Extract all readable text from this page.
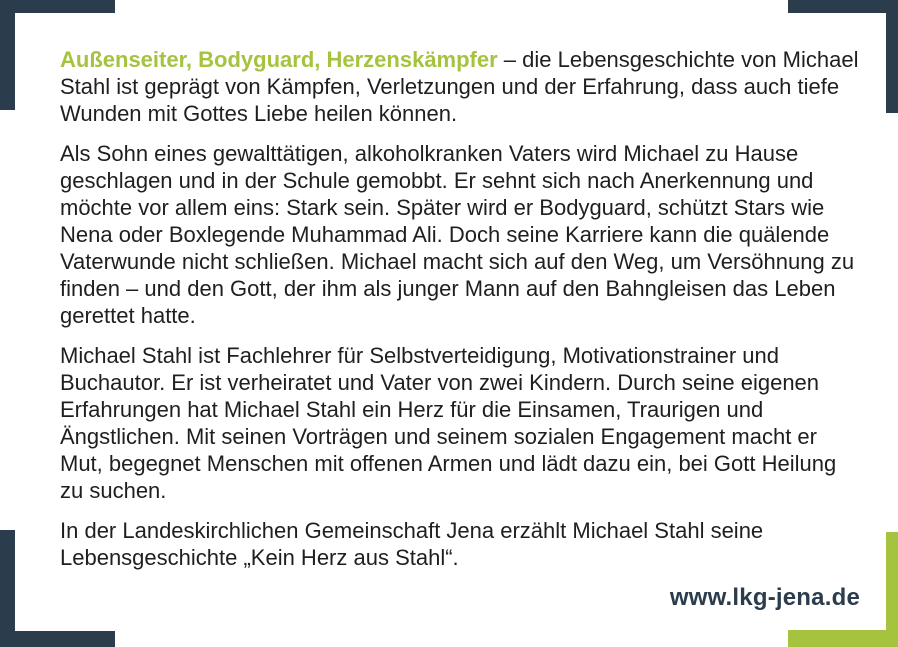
Außenseiter, Bodyguard, Herzenskämpfer – die Lebensgeschichte von Michael Stahl ist geprägt von Kämpfen, Verletzungen und der Erfahrung, dass auch tiefe Wunden mit Gottes Liebe heilen können.

Als Sohn eines gewalttätigen, alkoholkranken Vaters wird Michael zu Hause geschlagen und in der Schule gemobbt. Er sehnt sich nach Anerkennung und möchte vor allem eins: Stark sein. Später wird er Bodyguard, schützt Stars wie Nena oder Boxlegende Muhammad Ali. Doch seine Karriere kann die quälende Vaterwunde nicht schließen. Michael macht sich auf den Weg, um Versöhnung zu finden – und den Gott, der ihm als junger Mann auf den Bahngleisen das Leben gerettet hatte.

Michael Stahl ist Fachlehrer für Selbstverteidigung, Motivationstrainer und Buchautor. Er ist verheiratet und Vater von zwei Kindern. Durch seine eigenen Erfahrungen hat Michael Stahl ein Herz für die Einsamen, Traurigen und Ängstlichen. Mit seinen Vorträgen und seinem sozialen Engagement macht er Mut, begegnet Menschen mit offenen Armen und lädt dazu ein, bei Gott Heilung zu suchen.

In der Landeskirchlichen Gemeinschaft Jena erzählt Michael Stahl seine Lebensgeschichte „Kein Herz aus Stahl“.

www.lkg-jena.de
